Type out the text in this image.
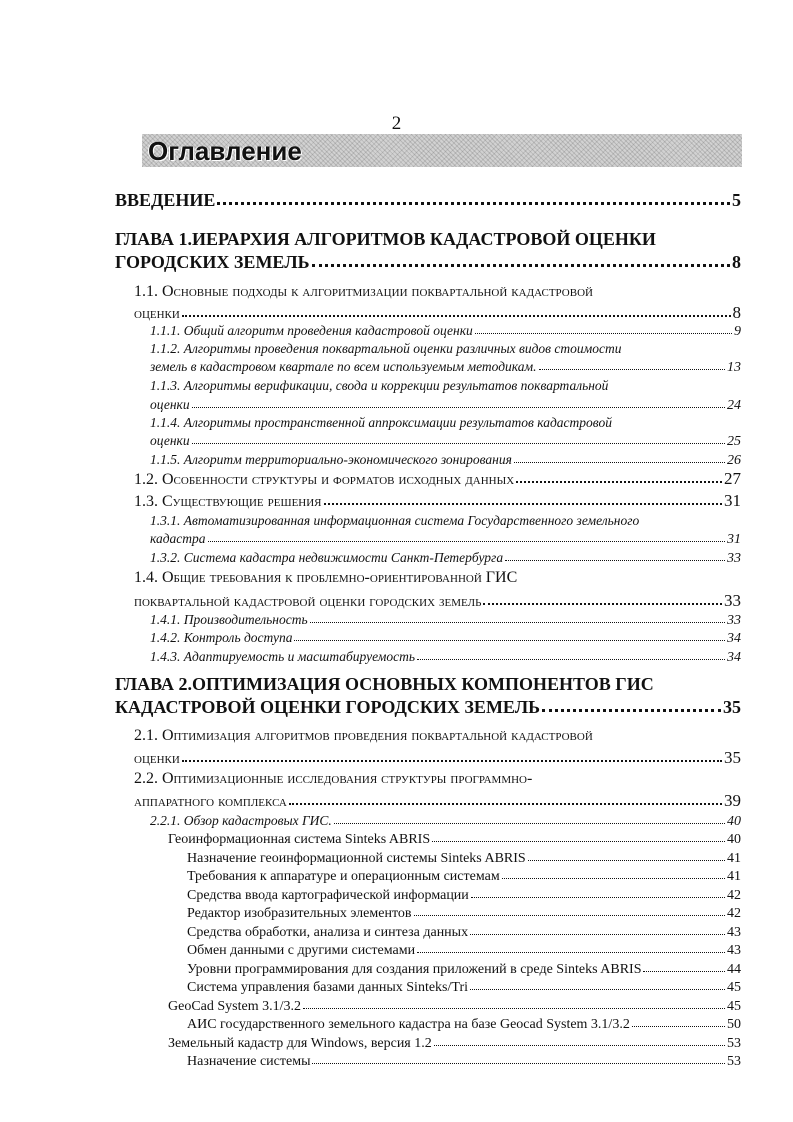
2
Оглавление
ВВЕДЕНИЕ	5
ГЛАВА 1.ИЕРАРХИЯ АЛГОРИТМОВ КАДАСТРОВОЙ ОЦЕНКИ
ГОРОДСКИХ ЗЕМЕЛЬ	8
1.1. Основные подходы к алгоритмизации поквартальной кадастровой
оценки	8
1.1.1. Общий алгоритм проведения кадастровой оценки	9
1.1.2. Алгоритмы проведения поквартальной оценки различных видов стоимости
земель в кадастровом квартале по всем используемым методикам.	13
1.1.3. Алгоритмы верификации, свода и коррекции результатов поквартальной
оценки	24
1.1.4. Алгоритмы пространственной аппроксимации результатов кадастровой
оценки	25
1.1.5. Алгоритм территориально-экономического зонирования	26
1.2. Особенности структуры и форматов исходных данных	27
1.3. Существующие решения	31
1.3.1. Автоматизированная информационная система Государственного земельного
кадастра	31
1.3.2. Система кадастра недвижимости Санкт-Петербурга	33
1.4. Общие требования к проблемно-ориентированной ГИС
поквартальной кадастровой оценки городских земель	33
1.4.1. Производительность	33
1.4.2. Контроль доступа	34
1.4.3. Адаптируемость и масштабируемость	34
ГЛАВА 2.ОПТИМИЗАЦИЯ ОСНОВНЫХ КОМПОНЕНТОВ ГИС
КАДАСТРОВОЙ ОЦЕНКИ ГОРОДСКИХ ЗЕМЕЛЬ	35
2.1. Оптимизация алгоритмов проведения поквартальной кадастровой
оценки	35
2.2. Оптимизационные исследования структуры программно-
аппаратного комплекса	39
2.2.1. Обзор кадастровых ГИС.	40
Геоинформационная система Sinteks ABRIS	40
Назначение геоинформационной системы Sinteks ABRIS	41
Требования к аппаратуре и операционным системам	41
Средства ввода картографической информации	42
Редактор изобразительных элементов	42
Средства обработки, анализа и синтеза данных	43
Обмен данными с другими системами	43
Уровни программирования для создания приложений в среде Sinteks ABRIS	44
Система управления базами данных Sinteks/Tri	45
GeoCad System 3.1/3.2	45
АИС государственного земельного кадастра на базе Geocad System 3.1/3.2	50
Земельный кадастр для Windows, версия 1.2	53
Назначение системы	53
